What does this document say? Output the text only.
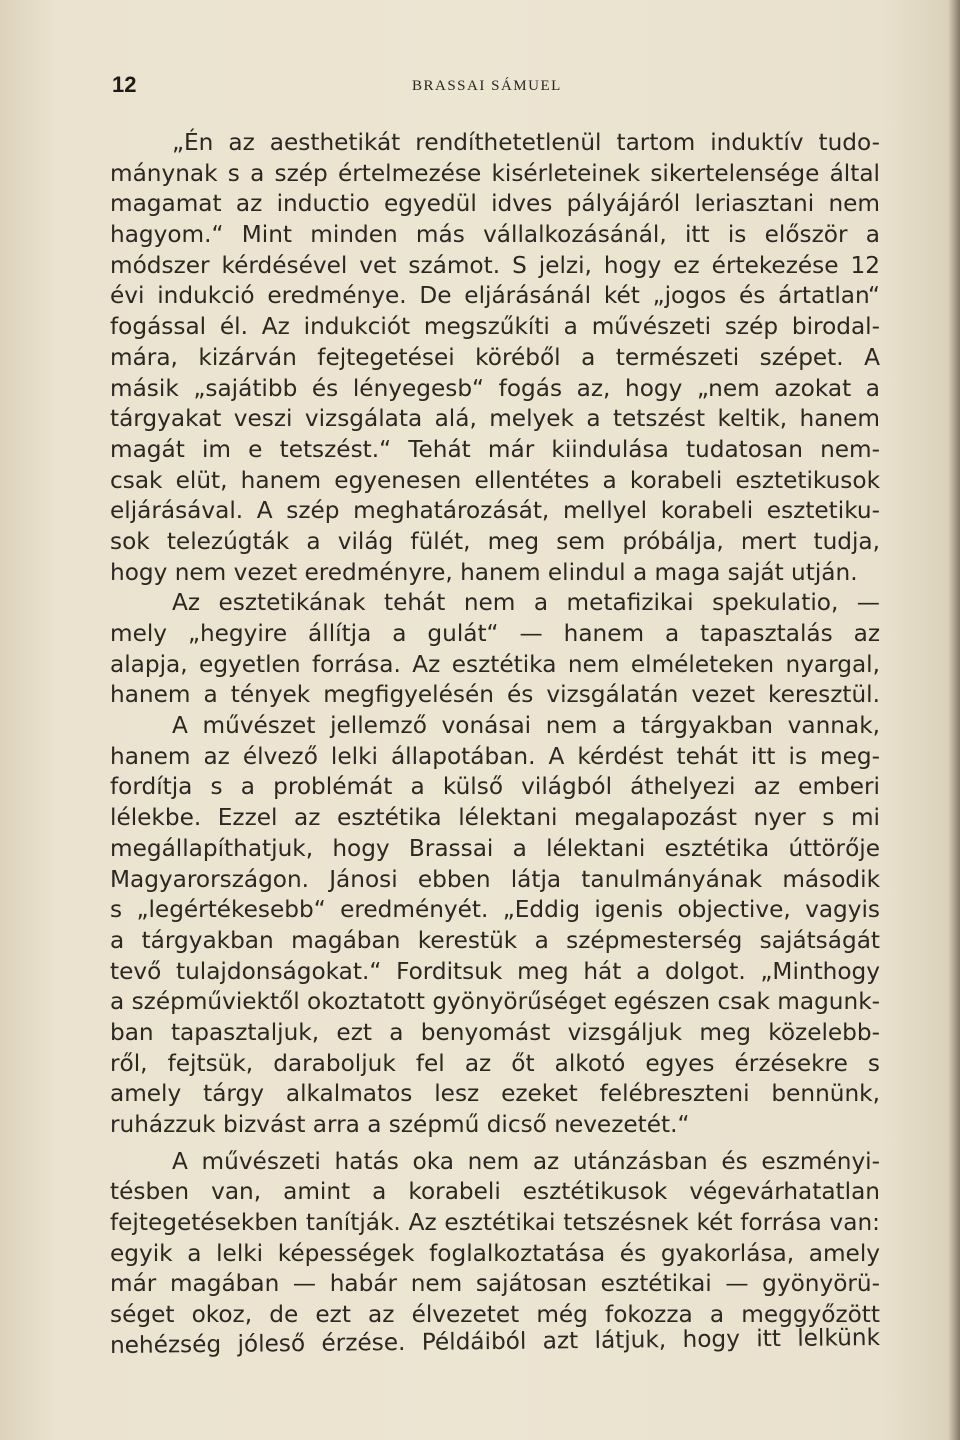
12	BRASSAI SÁMUEL
„Én az aesthetikát rendíthetetlenül tartom induktív tudo-
mánynak s a szép értelmezése kisérleteinek sikertelensége által
magamat az inductio egyedül idves pályájáról leriasztani nem
hagyom.“ Mint minden más vállalkozásánál, itt is először a
módszer kérdésével vet számot. S jelzi, hogy ez értekezése 12
évi indukció eredménye. De eljárásánál két „jogos és ártatlan“
fogással él. Az indukciót megszűkíti a művészeti szép birodal-
mára, kizárván fejtegetései köréből a természeti szépet. A
másik „sajátibb és lényegesb“ fogás az, hogy „nem azokat a
tárgyakat veszi vizsgálata alá, melyek a tetszést keltik, hanem
magát im e tetszést.“ Tehát már kiindulása tudatosan nem-
csak elüt, hanem egyenesen ellentétes a korabeli esztetikusok
eljárásával. A szép meghatározását, mellyel korabeli esztetiku-
sok telezúgták a világ fülét, meg sem próbálja, mert tudja,
hogy nem vezet eredményre, hanem elindul a maga saját utján.
Az esztetikának tehát nem a metafizikai spekulatio, —
mely „hegyire állítja a gulát“ — hanem a tapasztalás az
alapja, egyetlen forrása. Az esztétika nem elméleteken nyargal,
hanem a tények megfigyelésén és vizsgálatán vezet keresztül.
A művészet jellemző vonásai nem a tárgyakban vannak,
hanem az élvező lelki állapotában. A kérdést tehát itt is meg-
fordítja s a problémát a külső világból áthelyezi az emberi
lélekbe. Ezzel az esztétika lélektani megalapozást nyer s mi
megállapíthatjuk, hogy Brassai a lélektani esztétika úttörője
Magyarországon. Jánosi ebben látja tanulmányának második
s „legértékesebb“ eredményét. „Eddig igenis objective, vagyis
a tárgyakban magában kerestük a szépmesterség sajátságát
tevő tulajdonságokat.“ Forditsuk meg hát a dolgot. „Minthogy
a szépműviektől okoztatott gyönyörűséget egészen csak magunk-
ban tapasztaljuk, ezt a benyomást vizsgáljuk meg közelebb-
ről, fejtsük, daraboljuk fel az őt alkotó egyes érzésekre s
amely tárgy alkalmatos lesz ezeket felébreszteni bennünk,
ruházzuk bizvást arra a szépmű dicső nevezetét.“
A művészeti hatás oka nem az utánzásban és eszményi-
tésben van, amint a korabeli esztétikusok végevárhatatlan
fejtegetésekben tanítják. Az esztétikai tetszésnek két forrása van:
egyik a lelki képességek foglalkoztatása és gyakorlása, amely
már magában — habár nem sajátosan esztétikai — gyönyörü-
séget okoz, de ezt az élvezetet még fokozza a meggyőzött
nehézség jóleső érzése. Példáiból azt látjuk, hogy itt lelkünk
